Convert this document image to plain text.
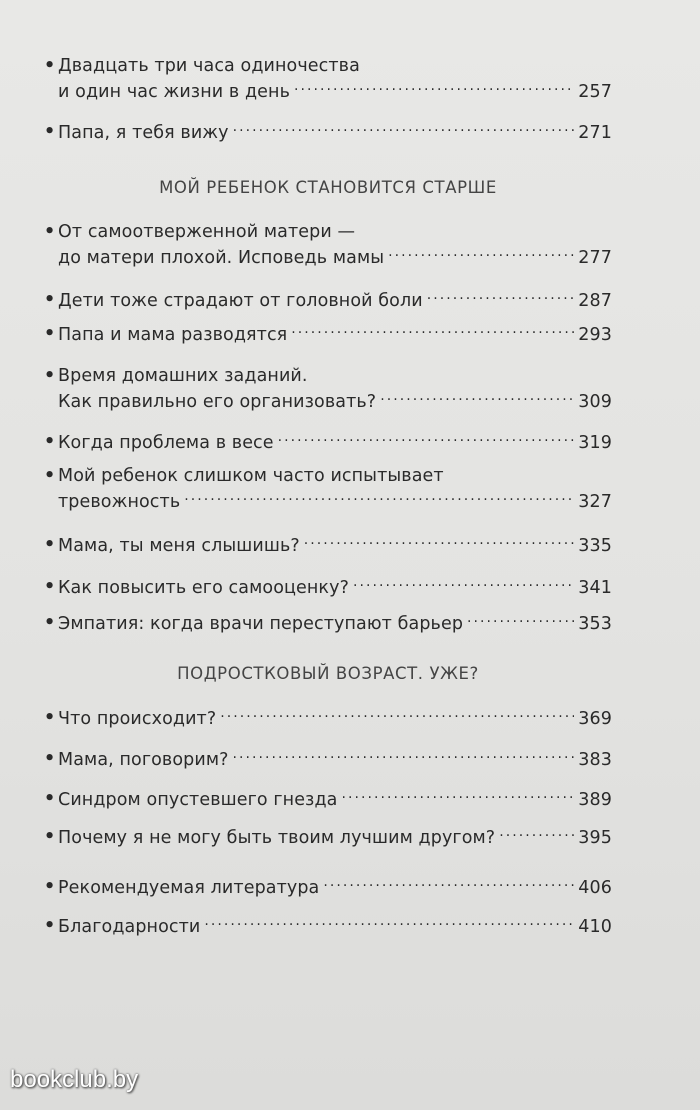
• Двадцать три часа одиночества
и один час жизни в день . . .	257
• Папа, я тебя вижу . . .	271
МОЙ РЕБЕНОК СТАНОВИТСЯ СТАРШЕ
• От самоотверженной матери —
до матери плохой. Исповедь мамы . . .	277
• Дети тоже страдают от головной боли . . .	287
• Папа и мама разводятся . . .	293
• Время домашних заданий.
Как правильно его организовать? . . .	309
• Когда проблема в весе . . .	319
• Мой ребенок слишком часто испытывает
тревожность . . .	327
• Мама, ты меня слышишь? . . .	335
• Как повысить его самооценку? . . .	341
• Эмпатия: когда врачи переступают барьер . . .	353
ПОДРОСТКОВЫЙ ВОЗРАСТ. УЖЕ?
• Что происходит? . . .	369
• Мама, поговорим? . . .	383
• Синдром опустевшего гнезда . . .	389
• Почему я не могу быть твоим лучшим другом? . . .	395
• Рекомендуемая литература . . .	406
• Благодарности . . .	410
bookclub.by
